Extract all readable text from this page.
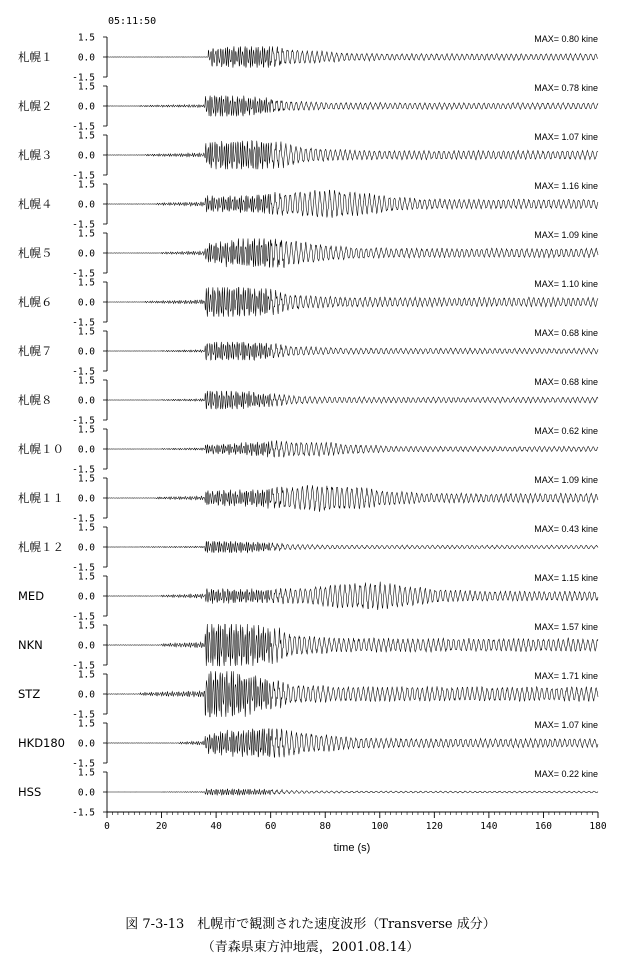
05:11:50
札幌１
1.5
0.0
-1.5
MAX= 0.80 kine
札幌２
1.5
0.0
-1.5
MAX= 0.78 kine
札幌３
1.5
0.0
-1.5
MAX= 1.07 kine
札幌４
1.5
0.0
-1.5
MAX= 1.16 kine
札幌５
1.5
0.0
-1.5
MAX= 1.09 kine
札幌６
1.5
0.0
-1.5
MAX= 1.10 kine
札幌７
1.5
0.0
-1.5
MAX= 0.68 kine
札幌８
1.5
0.0
-1.5
MAX= 0.68 kine
札幌１０
1.5
0.0
-1.5
MAX= 0.62 kine
札幌１１
1.5
0.0
-1.5
MAX= 1.09 kine
札幌１２
1.5
0.0
-1.5
MAX= 0.43 kine
MED
1.5
0.0
-1.5
MAX= 1.15 kine
NKN
1.5
0.0
-1.5
MAX= 1.57 kine
STZ
1.5
0.0
-1.5
MAX= 1.71 kine
HKD180
1.5
0.0
-1.5
MAX= 1.07 kine
HSS
1.5
0.0
-1.5
MAX= 0.22 kine
0	20	40	60	80	100	120	140	160	180
time (s)
図 7-3-13　札幌市で観測された速度波形（Transverse 成分）
（青森県東方沖地震，2001.08.14）
